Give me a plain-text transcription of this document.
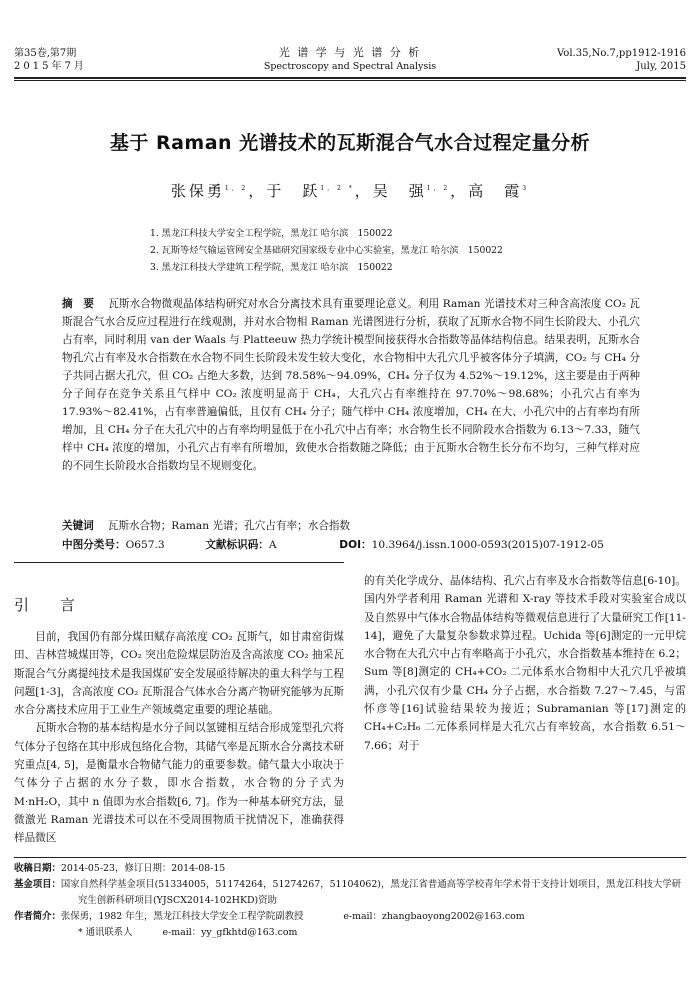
第35卷,第7期
2015年7月
光 谱 学 与 光 谱 分 析
Spectroscopy and Spectral Analysis
Vol.35,No.7,pp1912-1916
July, 2015
基于 Raman 光谱技术的瓦斯混合气水合过程定量分析
张保勇$^{1, 2}$，于　跃$^{1, 2 *}$，吴　强$^{1, 2}$，高　霞$^3$
1. 黑龙江科技大学安全工程学院，黑龙江 哈尔滨　150022
2. 瓦斯等烃气输运管网安全基础研究国家级专业中心实验室，黑龙江 哈尔滨　150022
3. 黑龙江科技大学建筑工程学院，黑龙江 哈尔滨　150022
摘　要 　 瓦斯水合物微观晶体结构研究对水合分离技术具有重要理论意义。利用 Raman 光谱技术对三种含高浓度 CO₂ 瓦斯混合气水合反应过程进行在线观测，并对水合物相 Raman 光谱图进行分析，获取了瓦斯水合物不同生长阶段大、小孔穴占有率，同时利用 van der Waals 与 Platteeuw 热力学统计模型间接获得水合指数等晶体结构信息。结果表明，瓦斯水合物孔穴占有率及水合指数在水合物不同生长阶段未发生较大变化，水合物相中大孔穴几乎被客体分子填满，CO₂ 与 CH₄ 分子共同占据大孔穴，但 CO₂ 占绝大多数，达到 78.58%～94.09%，CH₄ 分子仅为 4.52%～19.12%，这主要是由于两种分子间存在竞争关系且气样中 CO₂ 浓度明显高于 CH₄，大孔穴占有率维持在 97.70%～98.68%；小孔穴占有率为 17.93%～82.41%，占有率普遍偏低，且仅有 CH₄ 分子；随气样中 CH₄ 浓度增加，CH₄ 在大、小孔穴中的占有率均有所增加，且 CH₄ 分子在大孔穴中的占有率均明显低于在小孔穴中占有率；水合物生长不同阶段水合指数为 6.13～7.33，随气样中 CH₄ 浓度的增加，小孔穴占有率有所增加，致使水合指数随之降低；由于瓦斯水合物生长分布不均匀，三种气样对应的不同生长阶段水合指数均呈不规则变化。
关键词 　 瓦斯水合物；Raman 光谱；孔穴占有率；水合指数
中图分类号：O657.3	文献标识码：A	DOI：10.3964/j.issn.1000-0593(2015)07-1912-05
引　言

目前，我国仍有部分煤田赋存高浓度 CO₂ 瓦斯气，如甘肃窑街煤田、吉林营城煤田等，CO₂ 突出危险煤层防治及含高浓度 CO₂ 抽采瓦斯混合气分离提纯技术是我国煤矿安全发展亟待解决的重大科学与工程问题[1-3]，含高浓度 CO₂ 瓦斯混合气体水合分离产物研究能够为瓦斯水合分离技术应用于工业生产领域奠定重要的理论基础。

瓦斯水合物的基本结构是水分子间以氢键相互结合形成笼型孔穴将气体分子包络在其中形成包络化合物，其储气率是瓦斯水合分离技术研究重点[4, 5]，是衡量水合物储气能力的重要参数。储气量大小取决于气体分子占据的水分子数，即水合指数，水合物的分子式为 M·nH₂O，其中 n 值即为水合指数[6, 7]。作为一种基本研究方法，显微激光 Raman 光谱技术可以在不受周围物质干扰情况下，准确获得样品微区

的有关化学成分、晶体结构、孔穴占有率及水合指数等信息[6-10]。国内外学者利用 Raman 光谱和 X-ray 等技术手段对实验室合成以及自然界中气体水合物晶体结构等微观信息进行了大量研究工作[11-14]，避免了大量复杂参数求算过程。Uchida 等[6]测定的一元甲烷水合物在大孔穴中占有率略高于小孔穴，水合指数基本维持在 6.2；Sum 等[8]测定的 CH₄+CO₂ 二元体系水合物相中大孔穴几乎被填满，小孔穴仅有少量 CH₄ 分子占据，水合指数 7.27～7.45，与雷怀彦等[16]试验结果较为接近；Subramanian 等[17]测定的 CH₄+C₂H₆ 二元体系同样是大孔穴占有率较高，水合指数 6.51～7.66；对于

收稿日期：2014-05-23，修订日期：2014-08-15
基金项目：国家自然科学基金项目(51334005，51174264，51274267，51104062)，黑龙江省普通高等学校青年学术骨干支持计划项目，黑龙江科技大学研究生创新科研项目(YJSCX2014-102HKD)资助
作者简介：张保勇，1982 年生，黑龙江科技大学安全工程学院副教授	e-mail：zhangbaoyong2002@163.com
* 通讯联系人	e-mail：yy_gfkhtd@163.com
